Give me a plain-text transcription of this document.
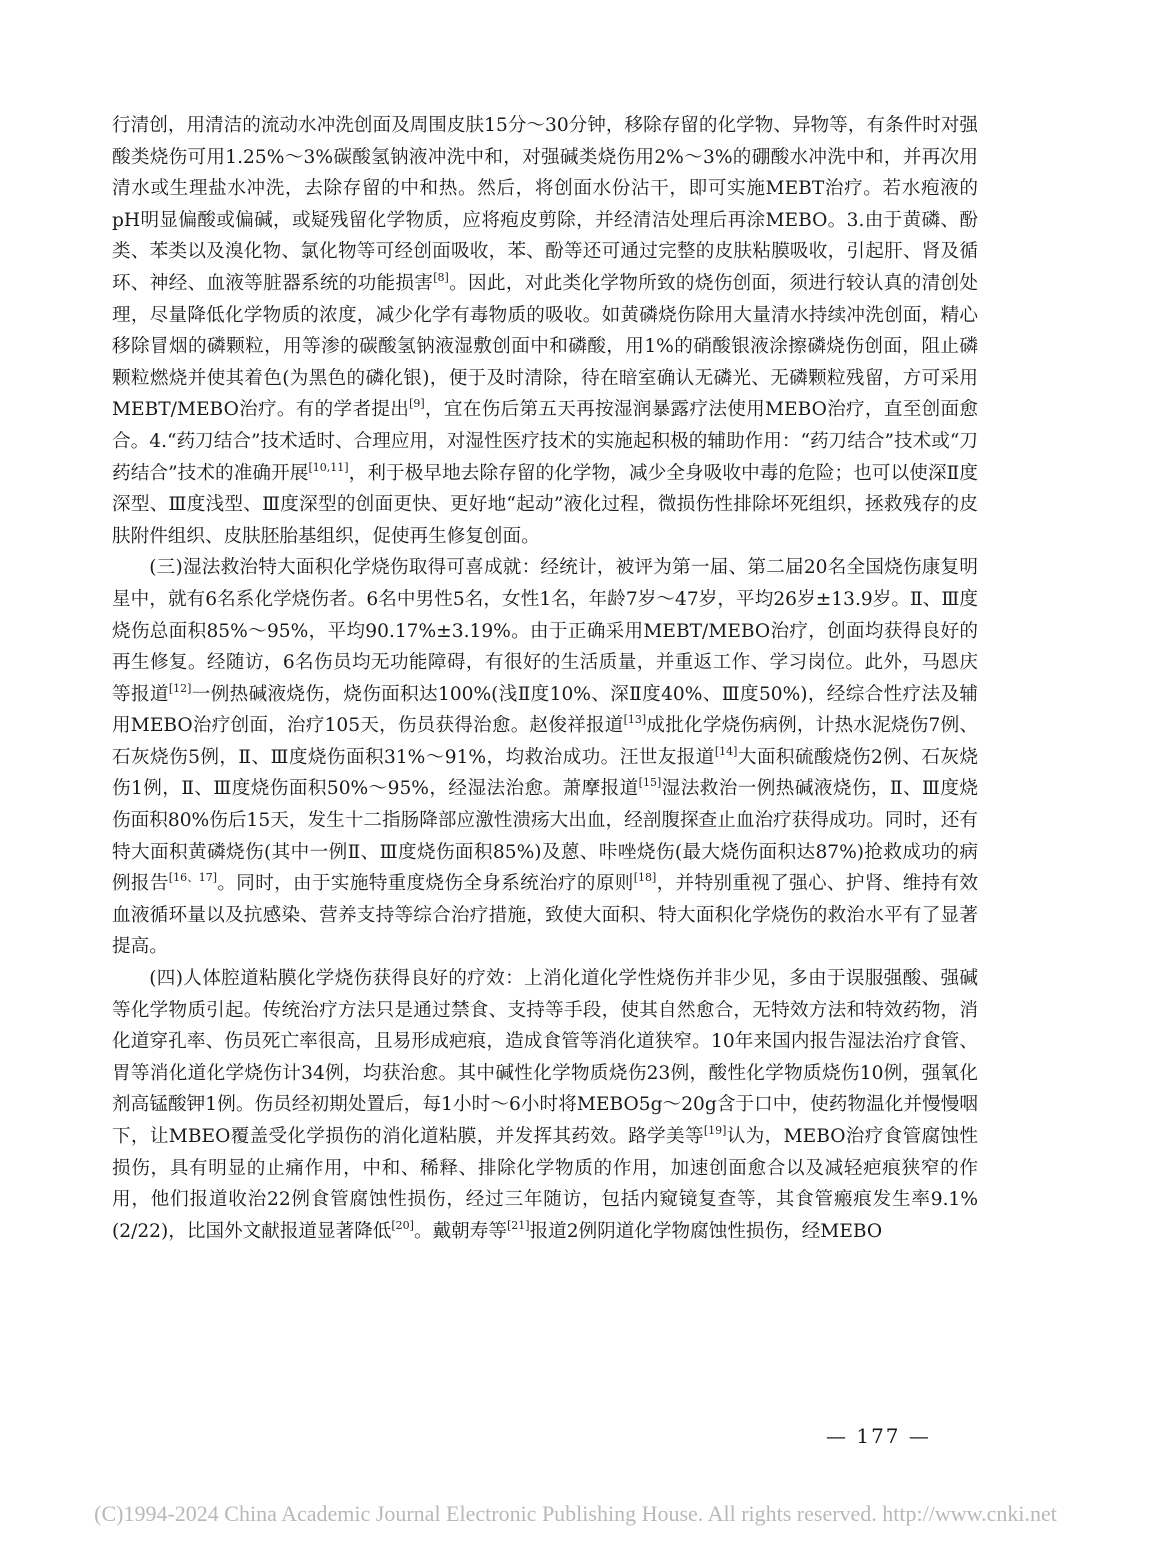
行清创，用清洁的流动水冲洗创面及周围皮肤15分～30分钟，移除存留的化学物、异物等，有条件时对强酸类烧伤可用1.25%～3%碳酸氢钠液冲洗中和，对强碱类烧伤用2%～3%的硼酸水冲洗中和，并再次用清水或生理盐水冲洗，去除存留的中和热。然后，将创面水份沾干，即可实施MEBT治疗。若水疱液的pH明显偏酸或偏碱，或疑残留化学物质，应将疱皮剪除，并经清洁处理后再涂MEBO。3.由于黄磷、酚类、苯类以及溴化物、氯化物等可经创面吸收，苯、酚等还可通过完整的皮肤粘膜吸收，引起肝、肾及循环、神经、血液等脏器系统的功能损害[8]。因此，对此类化学物所致的烧伤创面，须进行较认真的清创处理，尽量降低化学物质的浓度，减少化学有毒物质的吸收。如黄磷烧伤除用大量清水持续冲洗创面，精心移除冒烟的磷颗粒，用等渗的碳酸氢钠液湿敷创面中和磷酸，用1%的硝酸银液涂擦磷烧伤创面，阻止磷颗粒燃烧并使其着色(为黑色的磷化银)，便于及时清除，待在暗室确认无磷光、无磷颗粒残留，方可采用MEBT/MEBO治疗。有的学者提出[9]，宜在伤后第五天再按湿润暴露疗法使用MEBO治疗，直至创面愈合。4.“药刀结合”技术适时、合理应用，对湿性医疗技术的实施起积极的辅助作用：“药刀结合”技术或“刀药结合”技术的准确开展[10,11]，利于极早地去除存留的化学物，减少全身吸收中毒的危险；也可以使深Ⅱ度深型、Ⅲ度浅型、Ⅲ度深型的创面更快、更好地“起动”液化过程，微损伤性排除坏死组织，拯救残存的皮肤附件组织、皮肤胚胎基组织，促使再生修复创面。

(三)湿法救治特大面积化学烧伤取得可喜成就：经统计，被评为第一届、第二届20名全国烧伤康复明星中，就有6名系化学烧伤者。6名中男性5名，女性1名，年龄7岁～47岁，平均26岁±13.9岁。Ⅱ、Ⅲ度烧伤总面积85%～95%，平均90.17%±3.19%。由于正确采用MEBT/MEBO治疗，创面均获得良好的再生修复。经随访，6名伤员均无功能障碍，有很好的生活质量，并重返工作、学习岗位。此外，马恩庆等报道[12]一例热碱液烧伤，烧伤面积达100%(浅Ⅱ度10%、深Ⅱ度40%、Ⅲ度50%)，经综合性疗法及辅用MEBO治疗创面，治疗105天，伤员获得治愈。赵俊祥报道[13]成批化学烧伤病例，计热水泥烧伤7例、石灰烧伤5例，Ⅱ、Ⅲ度烧伤面积31%～91%，均救治成功。汪世友报道[14]大面积硫酸烧伤2例、石灰烧伤1例，Ⅱ、Ⅲ度烧伤面积50%～95%，经湿法治愈。萧摩报道[15]湿法救治一例热碱液烧伤，Ⅱ、Ⅲ度烧伤面积80%伤后15天，发生十二指肠降部应激性溃疡大出血，经剖腹探查止血治疗获得成功。同时，还有特大面积黄磷烧伤(其中一例Ⅱ、Ⅲ度烧伤面积85%)及蒽、咔唑烧伤(最大烧伤面积达87%)抢救成功的病例报告[16、17]。同时，由于实施特重度烧伤全身系统治疗的原则[18]，并特别重视了强心、护肾、维持有效血液循环量以及抗感染、营养支持等综合治疗措施，致使大面积、特大面积化学烧伤的救治水平有了显著提高。

(四)人体腔道粘膜化学烧伤获得良好的疗效：上消化道化学性烧伤并非少见，多由于误服强酸、强碱等化学物质引起。传统治疗方法只是通过禁食、支持等手段，使其自然愈合，无特效方法和特效药物，消化道穿孔率、伤员死亡率很高，且易形成疤痕，造成食管等消化道狭窄。10年来国内报告湿法治疗食管、胃等消化道化学烧伤计34例，均获治愈。其中碱性化学物质烧伤23例，酸性化学物质烧伤10例，强氧化剂高锰酸钾1例。伤员经初期处置后，每1小时～6小时将MEBO5g～20g含于口中，使药物温化并慢慢咽下，让MBEO覆盖受化学损伤的消化道粘膜，并发挥其药效。路学美等[19]认为，MEBO治疗食管腐蚀性损伤，具有明显的止痛作用，中和、稀释、排除化学物质的作用，加速创面愈合以及减轻疤痕狭窄的作用，他们报道收治22例食管腐蚀性损伤，经过三年随访，包括内窥镜复查等，其食管瘢痕发生率9.1%(2/22)，比国外文献报道显著降低[20]。戴朝寿等[21]报道2例阴道化学物腐蚀性损伤，经MEBO

— 177 —
(C)1994-2024 China Academic Journal Electronic Publishing House. All rights reserved. http://www.cnki.net
